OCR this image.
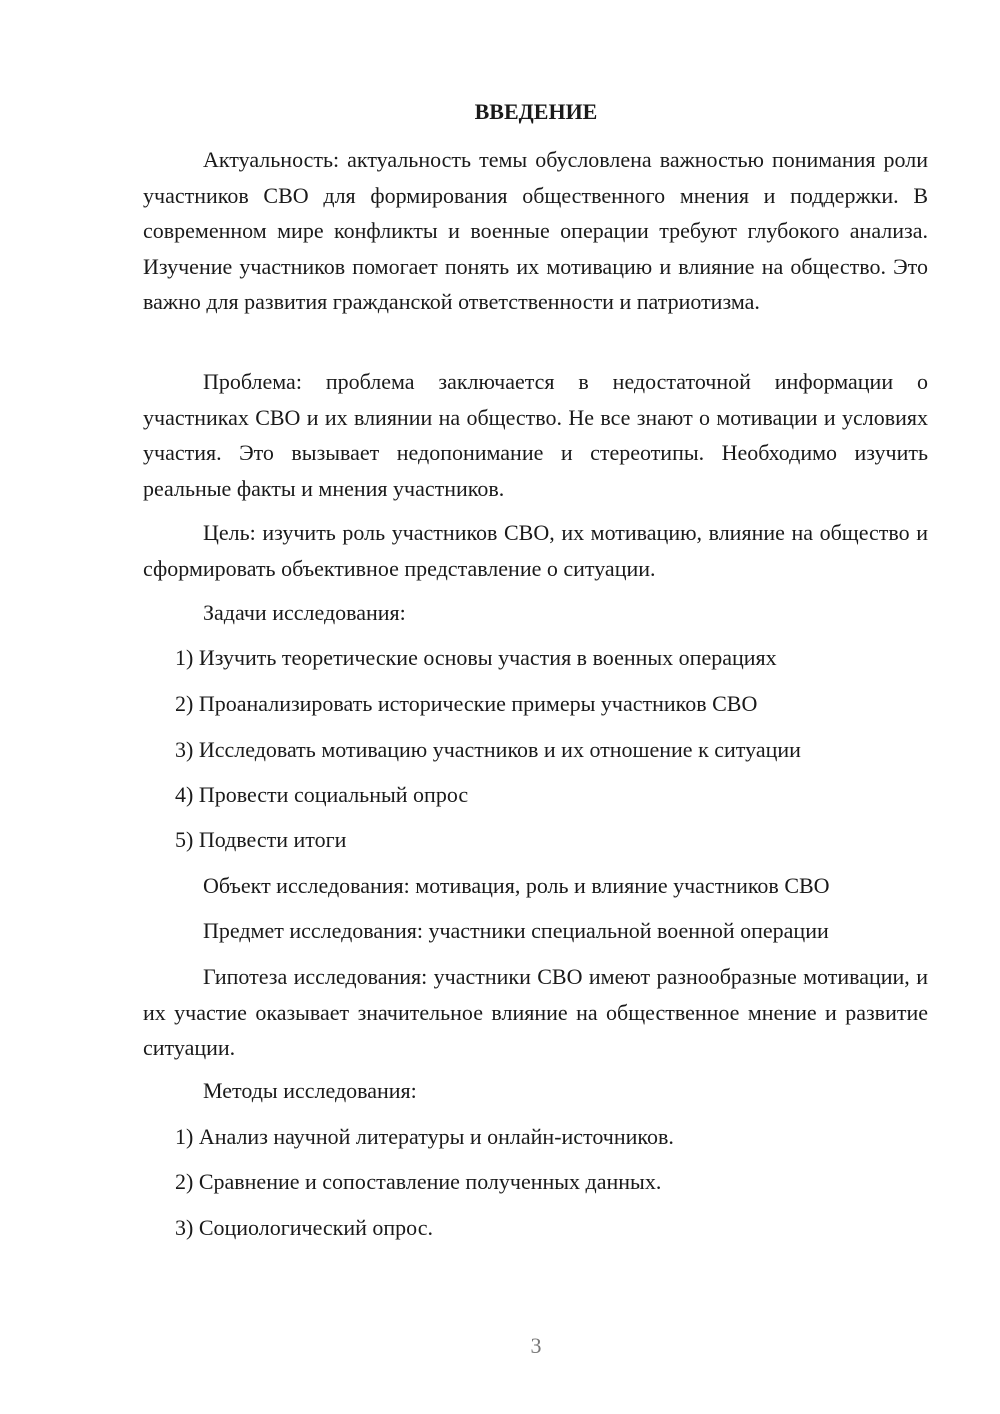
ВВЕДЕНИЕ

Актуальность: актуальность темы обусловлена важностью понимания роли участников СВО для формирования общественного мнения и поддержки. В современном мире конфликты и военные операции требуют глубокого анализа. Изучение участников помогает понять их мотивацию и влияние на общество. Это важно для развития гражданской ответственности и патриотизма.

Проблема: проблема заключается в недостаточной информации о участниках СВО и их влиянии на общество. Не все знают о мотивации и условиях участия. Это вызывает недопонимание и стереотипы. Необходимо изучить реальные факты и мнения участников.

Цель: изучить роль участников СВО, их мотивацию, влияние на общество и сформировать объективное представление о ситуации.

Задачи исследования:
1) Изучить теоретические основы участия в военных операциях
2) Проанализировать исторические примеры участников СВО
3) Исследовать мотивацию участников и их отношение к ситуации
4) Провести социальный опрос
5) Подвести итоги
Объект исследования: мотивация, роль и влияние участников СВО
Предмет исследования: участники специальной военной операции

Гипотеза исследования: участники СВО имеют разнообразные мотивации, и их участие оказывает значительное влияние на общественное мнение и развитие ситуации.

Методы исследования:
1) Анализ научной литературы и онлайн-источников.
2) Сравнение и сопоставление полученных данных.
3) Социологический опрос.
3
